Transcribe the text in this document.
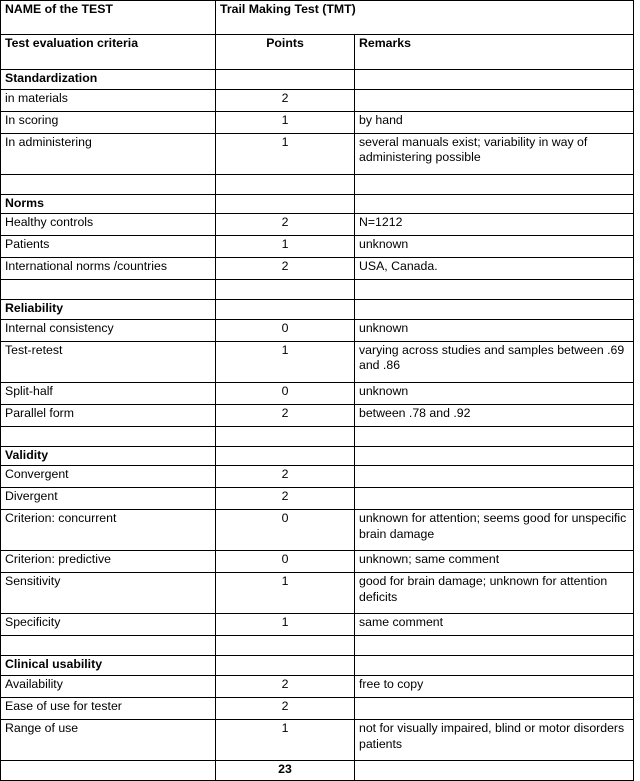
NAME of the TEST	Trail Making Test (TMT)	
Test evaluation criteria	Points	Remarks
Standardization		
in materials	2	
In scoring	1	by hand
In administering	1	several manuals exist; variability in way of administering possible

Norms		
Healthy controls	2	N=1212
Patients	1	unknown
International norms /countries	2	USA, Canada.

Reliability		
Internal consistency	0	unknown
Test-retest	1	varying across studies and samples between .69 and .86
Split-half	0	unknown
Parallel form	2	between .78 and .92

Validity		
Convergent	2	
Divergent	2	
Criterion: concurrent	0	unknown for attention; seems good for unspecific brain damage
Criterion: predictive	0	unknown; same comment
Sensitivity	1	good for brain damage; unknown for attention deficits
Specificity	1	same comment

Clinical usability		
Availability	2	free to copy
Ease of use for tester	2	
Range of use	1	not for visually impaired, blind or motor disorders patients
	23	
